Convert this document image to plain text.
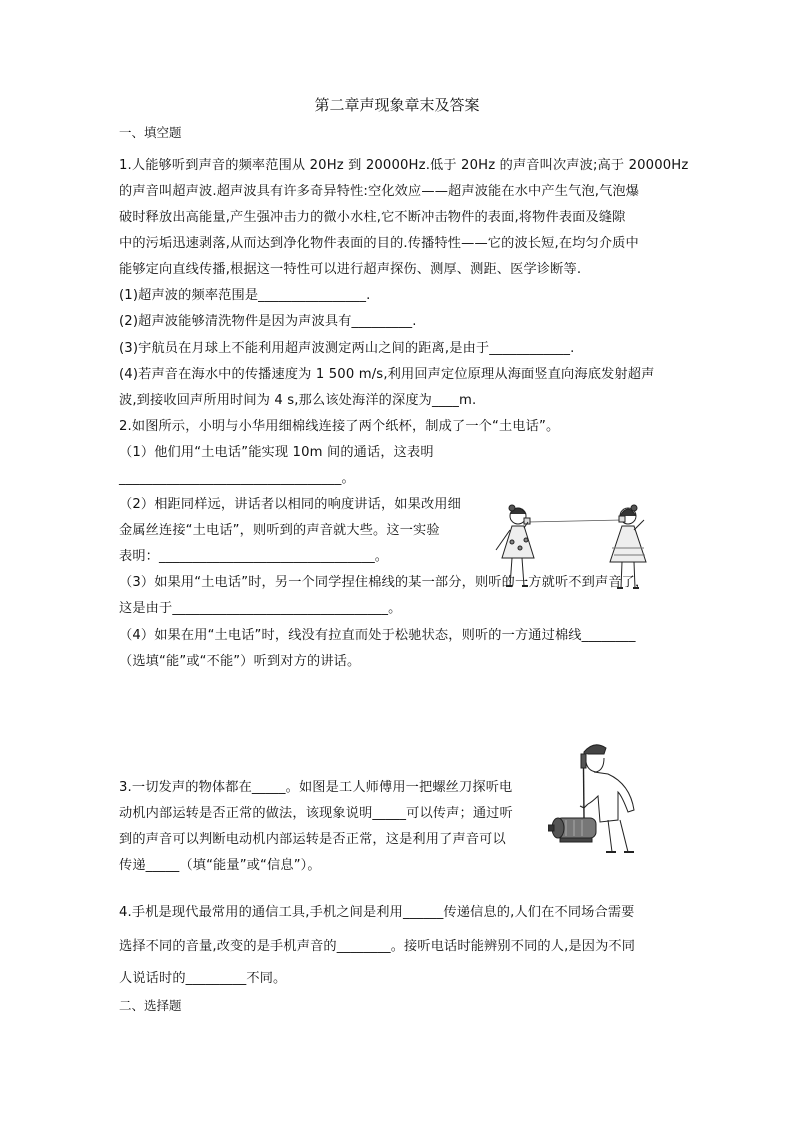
第二章声现象章末及答案
一、填空题
1.人能够听到声音的频率范围从 20Hz 到 20000Hz.低于 20Hz 的声音叫次声波;高于 20000Hz
的声音叫超声波.超声波具有许多奇异特性:空化效应——超声波能在水中产生气泡,气泡爆
破时释放出高能量,产生强冲击力的微小水柱,它不断冲击物件的表面,将物件表面及缝隙
中的污垢迅速剥落,从而达到净化物件表面的目的.传播特性——它的波长短,在均匀介质中
能够定向直线传播,根据这一特性可以进行超声探伤、测厚、测距、医学诊断等.
(1)超声波的频率范围是________________.
(2)超声波能够清洗物件是因为声波具有_________.
(3)宇航员在月球上不能利用超声波测定两山之间的距离,是由于____________.
(4)若声音在海水中的传播速度为 1 500 m/s,利用回声定位原理从海面竖直向海底发射超声
波,到接收回声所用时间为 4 s,那么该处海洋的深度为____m.
2.如图所示，小明与小华用细棉线连接了两个纸杯，制成了一个“土电话”。
（1）他们用“土电话”能实现 10m 间的通话，这表明
_________________________________。
（2）相距同样远，讲话者以相同的响度讲话，如果改用细
金属丝连接“土电话”，则听到的声音就大些。这一实验
表明：________________________________。
（3）如果用“土电话”时，另一个同学捏住棉线的某一部分，则听的一方就听不到声音了，
这是由于________________________________。
（4）如果在用“土电话”时，线没有拉直而处于松驰状态，则听的一方通过棉线________
（选填“能”或“不能”）听到对方的讲话。
3.一切发声的物体都在_____。如图是工人师傅用一把螺丝刀探听电
动机内部运转是否正常的做法，该现象说明_____可以传声；通过听
到的声音可以判断电动机内部运转是否正常，这是利用了声音可以
传递_____（填“能量”或“信息”）。
4.手机是现代最常用的通信工具,手机之间是利用______传递信息的,人们在不同场合需要
选择不同的音量,改变的是手机声音的________。接听电话时能辨别不同的人,是因为不同
人说话时的_________不同。
二、选择题
